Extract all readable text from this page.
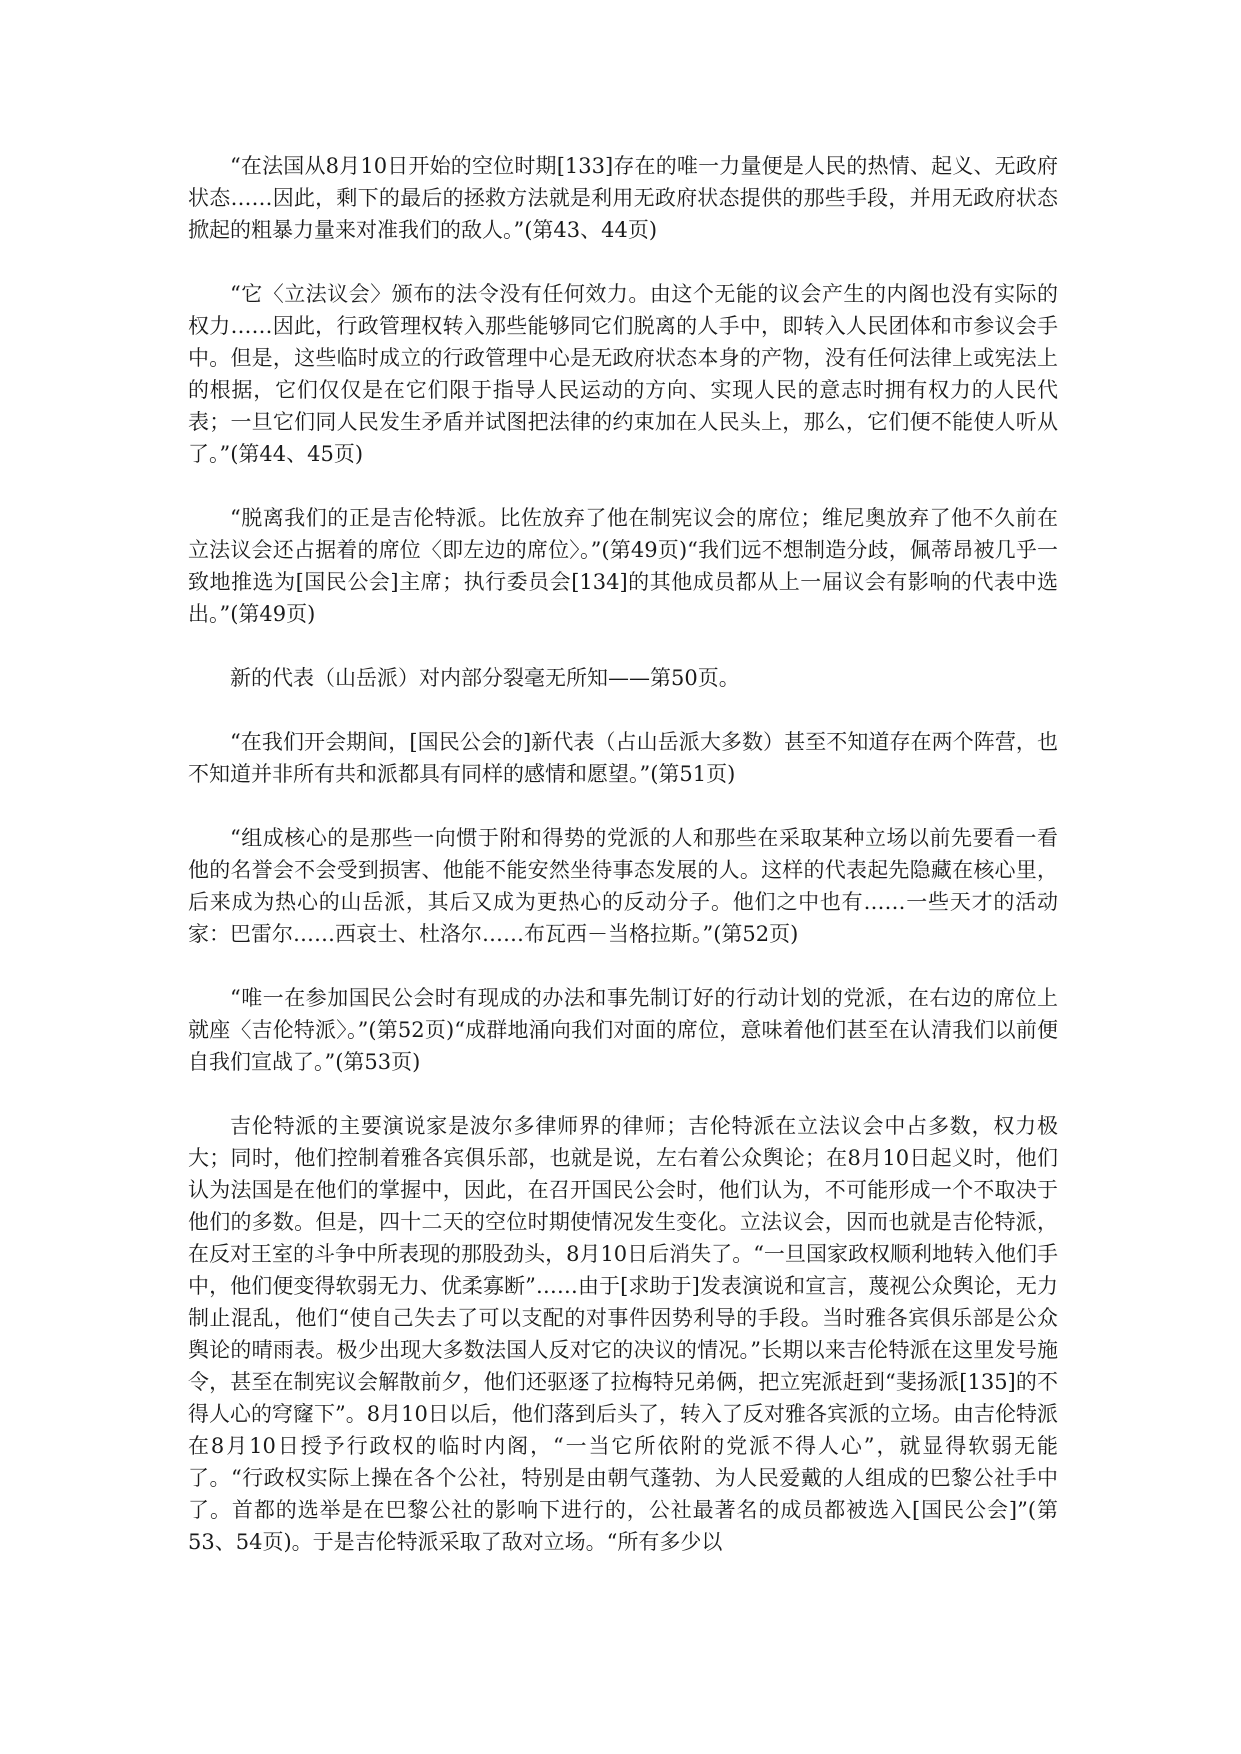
“在法国从8月10日开始的空位时期[133]存在的唯一力量便是人民的热情、起义、无政府状态……因此，剩下的最后的拯救方法就是利用无政府状态提供的那些手段，并用无政府状态掀起的粗暴力量来对准我们的敌人。”(第43、44页)

“它〈立法议会〉颁布的法令没有任何效力。由这个无能的议会产生的内阁也没有实际的权力……因此，行政管理权转入那些能够同它们脱离的人手中，即转入人民团体和市参议会手中。但是，这些临时成立的行政管理中心是无政府状态本身的产物，没有任何法律上或宪法上的根据，它们仅仅是在它们限于指导人民运动的方向、实现人民的意志时拥有权力的人民代表；一旦它们同人民发生矛盾并试图把法律的约束加在人民头上，那么，它们便不能使人听从了。”(第44、45页)

“脱离我们的正是吉伦特派。比佐放弃了他在制宪议会的席位；维尼奥放弃了他不久前在立法议会还占据着的席位〈即左边的席位〉。”(第49页)“我们远不想制造分歧，佩蒂昂被几乎一致地推选为[国民公会]主席；执行委员会[134]的其他成员都从上一届议会有影响的代表中选出。”(第49页)

新的代表（山岳派）对内部分裂毫无所知——第50页。

“在我们开会期间，[国民公会的]新代表（占山岳派大多数）甚至不知道存在两个阵营，也不知道并非所有共和派都具有同样的感情和愿望。”(第51页)

“组成核心的是那些一向惯于附和得势的党派的人和那些在采取某种立场以前先要看一看他的名誉会不会受到损害、他能不能安然坐待事态发展的人。这样的代表起先隐藏在核心里，后来成为热心的山岳派，其后又成为更热心的反动分子。他们之中也有……一些天才的活动家：巴雷尔……西哀士、杜洛尔……布瓦西－当格拉斯。”(第52页)

“唯一在参加国民公会时有现成的办法和事先制订好的行动计划的党派，在右边的席位上就座〈吉伦特派〉。”(第52页)“成群地涌向我们对面的席位，意味着他们甚至在认清我们以前便自我们宣战了。”(第53页)

吉伦特派的主要演说家是波尔多律师界的律师；吉伦特派在立法议会中占多数，权力极大；同时，他们控制着雅各宾俱乐部，也就是说，左右着公众舆论；在8月10日起义时，他们认为法国是在他们的掌握中，因此，在召开国民公会时，他们认为，不可能形成一个不取决于他们的多数。但是，四十二天的空位时期使情况发生变化。立法议会，因而也就是吉伦特派，在反对王室的斗争中所表现的那股劲头，8月10日后消失了。“一旦国家政权顺利地转入他们手中，他们便变得软弱无力、优柔寡断”……由于[求助于]发表演说和宣言，蔑视公众舆论，无力制止混乱，他们“使自己失去了可以支配的对事件因势利导的手段。当时雅各宾俱乐部是公众舆论的晴雨表。极少出现大多数法国人反对它的决议的情况。”长期以来吉伦特派在这里发号施令，甚至在制宪议会解散前夕，他们还驱逐了拉梅特兄弟俩，把立宪派赶到“斐扬派[135]的不得人心的穹窿下”。8月10日以后，他们落到后头了，转入了反对雅各宾派的立场。由吉伦特派在8月10日授予行政权的临时内阁，“一当它所依附的党派不得人心”，就显得软弱无能了。“行政权实际上操在各个公社，特别是由朝气蓬勃、为人民爱戴的人组成的巴黎公社手中了。首都的选举是在巴黎公社的影响下进行的，公社最著名的成员都被选入[国民公会]”(第53、54页)。于是吉伦特派采取了敌对立场。“所有多少以
